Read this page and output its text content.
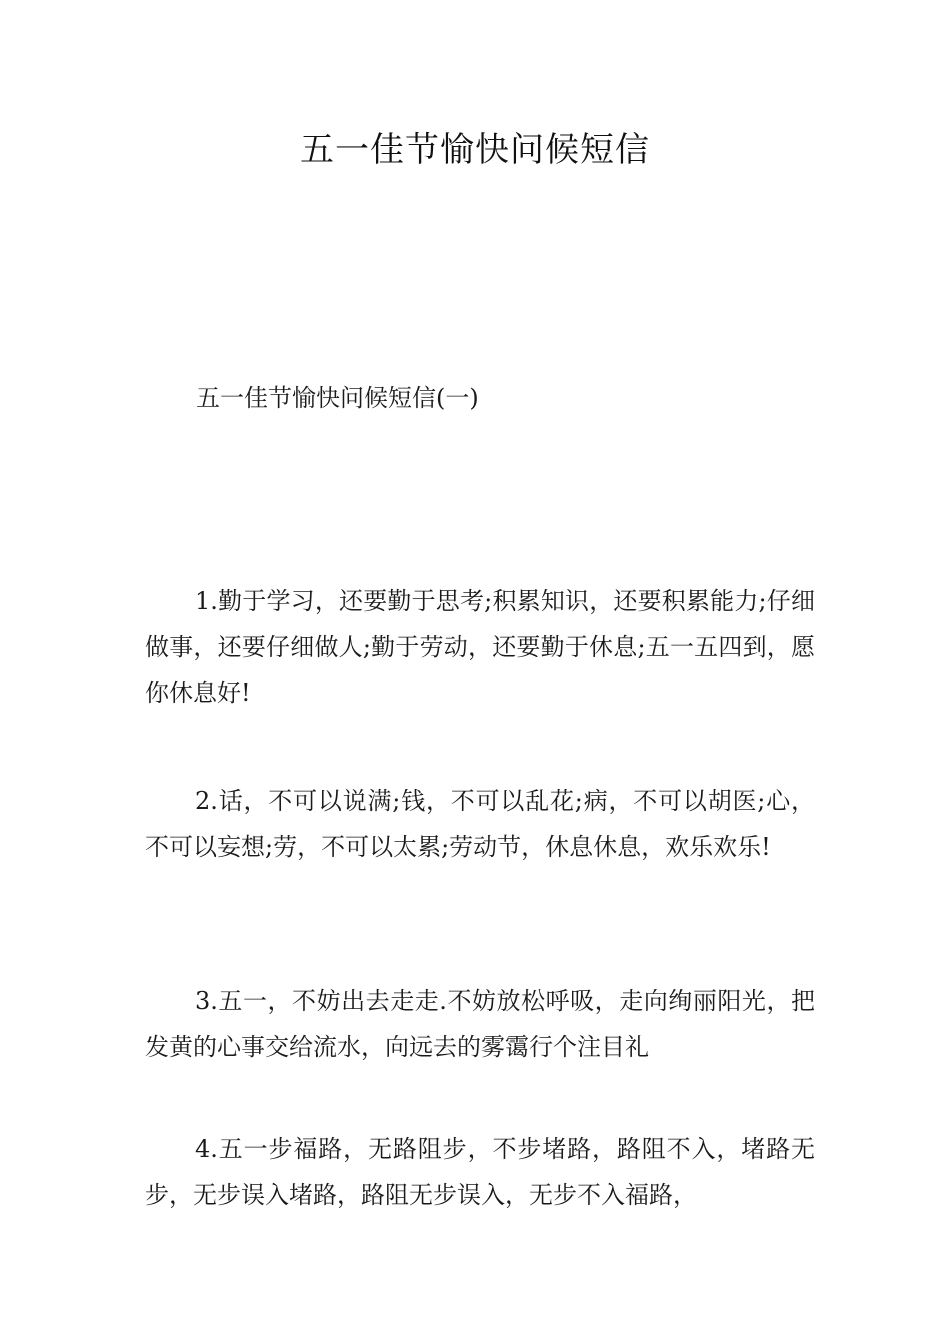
五一佳节愉快问候短信
五一佳节愉快问候短信(一)

1.勤于学习，还要勤于思考;积累知识，还要积累能力;仔细做事，还要仔细做人;勤于劳动，还要勤于休息;五一五四到，愿你休息好!

2.话，不可以说满;钱，不可以乱花;病，不可以胡医;心，不可以妄想;劳，不可以太累;劳动节，休息休息，欢乐欢乐!

3.五一，不妨出去走走.不妨放松呼吸，走向绚丽阳光，把发黄的心事交给流水，向远去的雾霭行个注目礼

4.五一步福路，无路阻步，不步堵路，路阻不入，堵路无步，无步误入堵路，路阻无步误入，无步不入福路，
